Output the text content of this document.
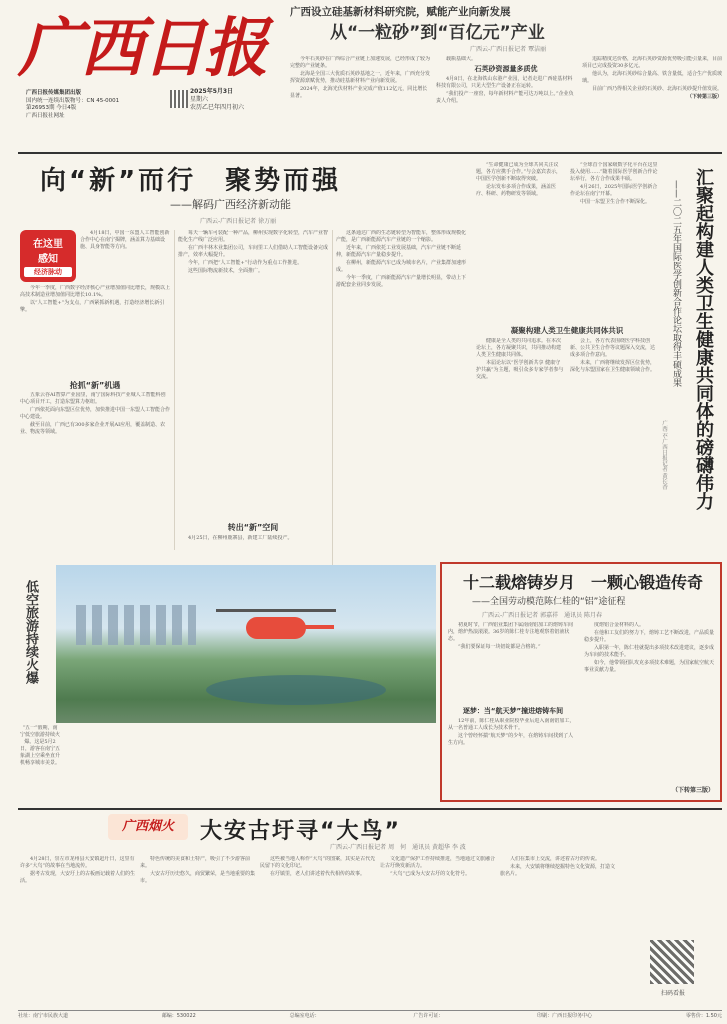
广西日报
广西日报传媒集团出版
国内统一连续出版物号：CN 45-0001
第26953期 今日4版
广西日报社网址
2025年5月3日
星期六
农历乙巳年四月初六
广西设立硅基新材料研究院，赋能产业向新发展
从“一粒砂”到“百亿元”产业
广西云-广西日报记者 覃洁丽

今年石英砂在广西综合产业链上加速发展，已经形成了较为完整的产业链条。

北海是全国三大优质石英砂基地之一，近年来，广西充分发挥资源禀赋优势，推动硅基新材料产业向新发展。

2024年，北海光伏材料产业完成产值112亿元，同比增长显著。

载瓶基础大。

石英砂资源量多质优

4月8日，在北海铁山东港产业园，记者走进广西硅基材料科技有限公司，只见大型生产设备正在运转。

“我们投产一座窑，每年新材料产能可达万吨以上。”企业负责人介绍。

追踪精度达价格，北海石英砂资源优势吸引能引量来，目前项目已完成投资30多亿元。

他认为，北海石英砂综合量高、铁含量低，适合生产优质玻璃。

目前广西乃得相关企业的石英砂、北海石英砂提升值发展。

（下转第三版）
向“新”而行　聚势而强
——解码广西经济新动能
广西云-广西日报记者 徐万丽
在这里
感知
经济脉动

4月18日，中国一东盟人工智能创新合作中心在南宁揭牌，涵盖算力基础设施、具身智能等方向。

今年一季度，广西数字经济核心产业增加值同比增长，规模以上高技术制造业增加值同比增长10.1%。

以“人工智能+”为支点，广西紧抓新机遇，打造经济增长新引擎。

抢抓“新”机遇

五象云谷AI智算产业园里，南宁国际科技产业城人工智能科创中心项目开工，打造东盟算力枢纽。

广西依托面向东盟区位优势，加快推进中国一东盟人工智能合作中心建设。

截至目前，广西已有300多家企业开展AI应用，覆盖制造、农业、物流等领域。

每天一辆车可装配一种产品，柳州实现数字化转型，汽车产业智能化生产线广泛应用。

在广西丰林木业集团公司，车间里工人们借助人工智能设备完成排产，效率大幅提升。

今年，广西把“人工智能+”行动作为重点工作推进。

这些国际物流新技术，全面推广。

转出“新”空间

4月25日，在柳州鹿寨县，新建工厂陆续投产。

这条通达广西的生态链转型为智能车，整体形成规模化产能，是广西新能源汽车产业链的一个缩影。

近年来，广西依托工业发展基础，汽车产业链不断延伸，新能源汽车产量稳步提升。

在柳州，新能源汽车已成为城市名片，产业集群加速形成。

今年一季度，广西新能源汽车产量增长明显，带动上下游配套企业同步发展。	汇聚起构建人类卫生健康共同体的磅礴伟力
——二〇二五年国际医学创新合作论坛取得丰硕成果
广西云-广西日报记者 黄长香

“全球首个国家级数字化平台在这里投入使用……”随着国际医学创新合作论坛举行，各方合作成果丰硕。

4月26日，2025年国际医学创新合作论坛在南宁开幕。

中国一东盟卫生合作不断深化。

“生命健康已成为全球共同关注议题，各方应携手合作。”与会嘉宾表示，中国医学创新不断取得突破。

论坛发布多项合作成果，涵盖医疗、科研、药物研发等领域。

凝聚构建人类卫生健康共同体共识

健康是全人类的共同追求。在本次论坛上，各方凝聚共识，共同推动构建人类卫生健康共同体。

本届论坛以“医学创新共享 健康守护共赢”为主题，吸引众多专家学者参与交流。

会上，各方代表围绕医学科技创新、公共卫生合作等议题深入交流，达成多项合作意向。

未来，广西将继续发挥区位优势，深化与东盟国家在卫生健康领域合作。

低空旅游持续火爆
“五一”假期，南宁低空旅游持续火爆。这是5月2日，游客在南宁五象湖上空乘坐直升机畅享城市美景。
十二载熔铸岁月　一颗心锻造传奇
——全国劳动模范陈仁桂的“铝”途征程
广西云-广西日报记者 郭嘉祥　通讯员 陈月春

初夏时节，广西铝业集团下属南南铝加工的熔铸车间内，熔炉热浪滚滚。36岁的陈仁桂专注地观察着铝液状态。

“我们要保证每一块铝锭都是合格的。”

逐梦：当“航天梦”撞进熔铸车间

12年前，陈仁桂从职业院校毕业后进入南南铝加工，从一名普通工人成长为技术骨干。

这个曾经怀揣“航天梦”的少年，在熔铸车间找到了人生方向。

度熔铝合金材料的人。

在他和工友们的努力下，熔铸工艺不断改进，产品质量稳步提升。

入职第一年，陈仁桂就提出多项技术改进建议，逐步成为车间的技术能手。

如今，他带领团队攻克多项技术难题，为国家航空航天事业贡献力量。

（下转第三版）
广西烟火	大安古圩寻“大鸟”
广西云-广西日报记者 周　何　通讯员 黄超华 李 波

4月28日，崇左市龙州县大安镇赶圩日，这里有许多“大鸟”的故事在当地流传。

据考古发现，大安圩上的古板画记载着人们的生活。

特色传统的美食和土特产，吸引了不少游客前来。

大安古圩历史悠久，商贸繁荣，是当地重要的集市。

这些被当地人称作“大鸟”的图案，其实是古代先民留下的文化印记。

在圩镇里，老人们讲述着代代相传的故事。

文化遗产保护工作持续推进，当地通过文旅融合让古圩焕发新活力。

“大鸟”已成为大安古圩的文化符号。

人们在集市上交流，讲述着古圩的传说。

未来，大安镇将继续挖掘特色文化资源，打造文旅名片。

扫码看报
社址：南宁市民族大道	邮编：530022	总编室电话：	广告许可证：	印刷：广西日报印务中心	零售价：1.50元
